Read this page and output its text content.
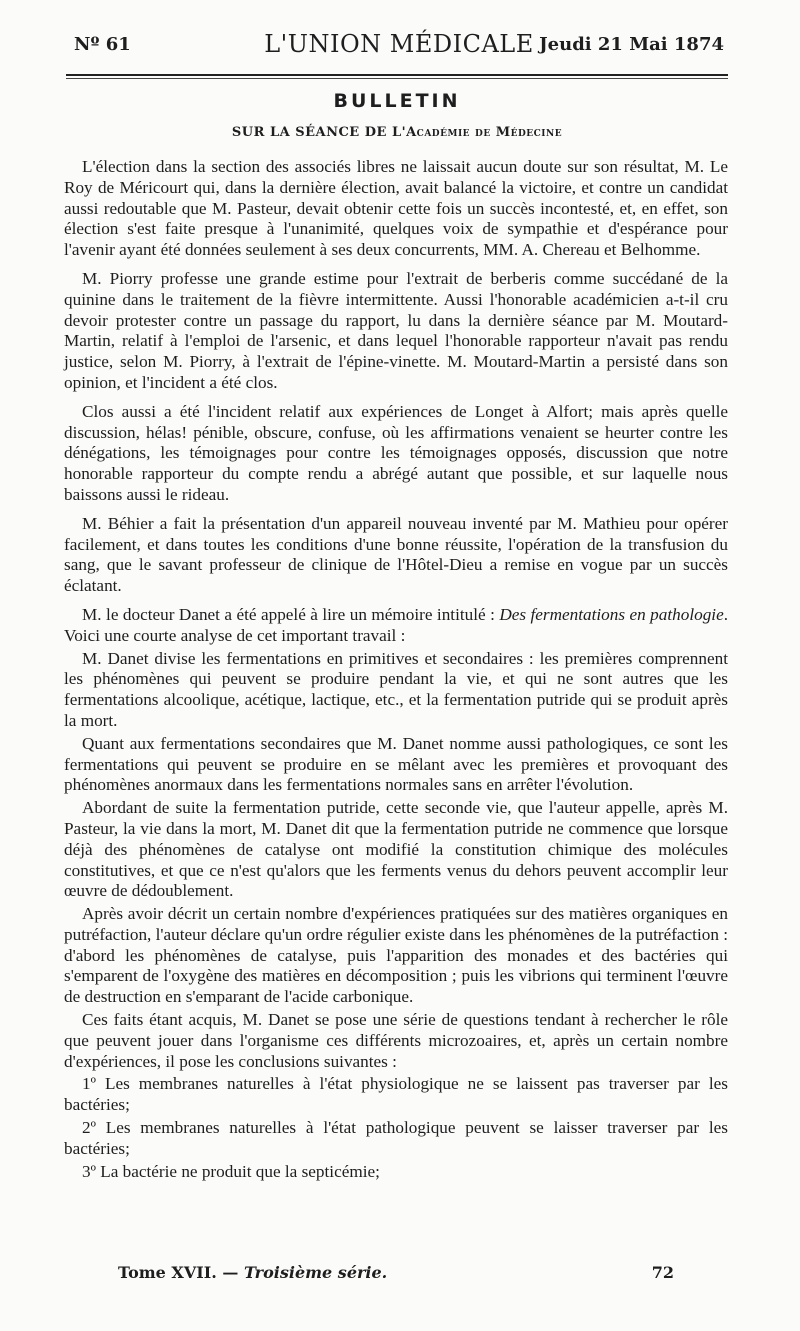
Nº 61	L'UNION MÉDICALE Jeudi 21 Mai 1874
BULLETIN
SUR LA SÉANCE DE L'Académie de Médecine

L'élection dans la section des associés libres ne laissait aucun doute sur son résultat, M. Le Roy de Méricourt qui, dans la dernière élection, avait balancé la victoire, et contre un candidat aussi redoutable que M. Pasteur, devait obtenir cette fois un succès incontesté, et, en effet, son élection s'est faite presque à l'unanimité, quelques voix de sympathie et d'espérance pour l'avenir ayant été données seulement à ses deux concurrents, MM. A. Chereau et Belhomme.

M. Piorry professe une grande estime pour l'extrait de berberis comme succédané de la quinine dans le traitement de la fièvre intermittente. Aussi l'honorable académicien a-t-il cru devoir protester contre un passage du rapport, lu dans la dernière séance par M. Moutard-Martin, relatif à l'emploi de l'arsenic, et dans lequel l'honorable rapporteur n'avait pas rendu justice, selon M. Piorry, à l'extrait de l'épine-vinette. M. Moutard-Martin a persisté dans son opinion, et l'incident a été clos.

Clos aussi a été l'incident relatif aux expériences de Longet à Alfort; mais après quelle discussion, hélas! pénible, obscure, confuse, où les affirmations venaient se heurter contre les dénégations, les témoignages pour contre les témoignages opposés, discussion que notre honorable rapporteur du compte rendu a abrégé autant que possible, et sur laquelle nous baissons aussi le rideau.

M. Béhier a fait la présentation d'un appareil nouveau inventé par M. Mathieu pour opérer facilement, et dans toutes les conditions d'une bonne réussite, l'opération de la transfusion du sang, que le savant professeur de clinique de l'Hôtel-Dieu a remise en vogue par un succès éclatant.

M. le docteur Danet a été appelé à lire un mémoire intitulé : Des fermentations en pathologie. Voici une courte analyse de cet important travail :

M. Danet divise les fermentations en primitives et secondaires : les premières comprennent les phénomènes qui peuvent se produire pendant la vie, et qui ne sont autres que les fermentations alcoolique, acétique, lactique, etc., et la fermentation putride qui se produit après la mort.

Quant aux fermentations secondaires que M. Danet nomme aussi pathologiques, ce sont les fermentations qui peuvent se produire en se mêlant avec les premières et provoquant des phénomènes anormaux dans les fermentations normales sans en arrêter l'évolution.

Abordant de suite la fermentation putride, cette seconde vie, que l'auteur appelle, après M. Pasteur, la vie dans la mort, M. Danet dit que la fermentation putride ne commence que lorsque déjà des phénomènes de catalyse ont modifié la constitution chimique des molécules constitutives, et que ce n'est qu'alors que les ferments venus du dehors peuvent accomplir leur œuvre de dédoublement.

Après avoir décrit un certain nombre d'expériences pratiquées sur des matières organiques en putréfaction, l'auteur déclare qu'un ordre régulier existe dans les phénomènes de la putréfaction : d'abord les phénomènes de catalyse, puis l'apparition des monades et des bactéries qui s'emparent de l'oxygène des matières en décomposition ; puis les vibrions qui terminent l'œuvre de destruction en s'emparant de l'acide carbonique.

Ces faits étant acquis, M. Danet se pose une série de questions tendant à rechercher le rôle que peuvent jouer dans l'organisme ces différents microzoaires, et, après un certain nombre d'expériences, il pose les conclusions suivantes :

1º Les membranes naturelles à l'état physiologique ne se laissent pas traverser par les bactéries;

2º Les membranes naturelles à l'état pathologique peuvent se laisser traverser par les bactéries;

3º La bactérie ne produit que la septicémie;

Tome XVII. — Troisième série.	72
